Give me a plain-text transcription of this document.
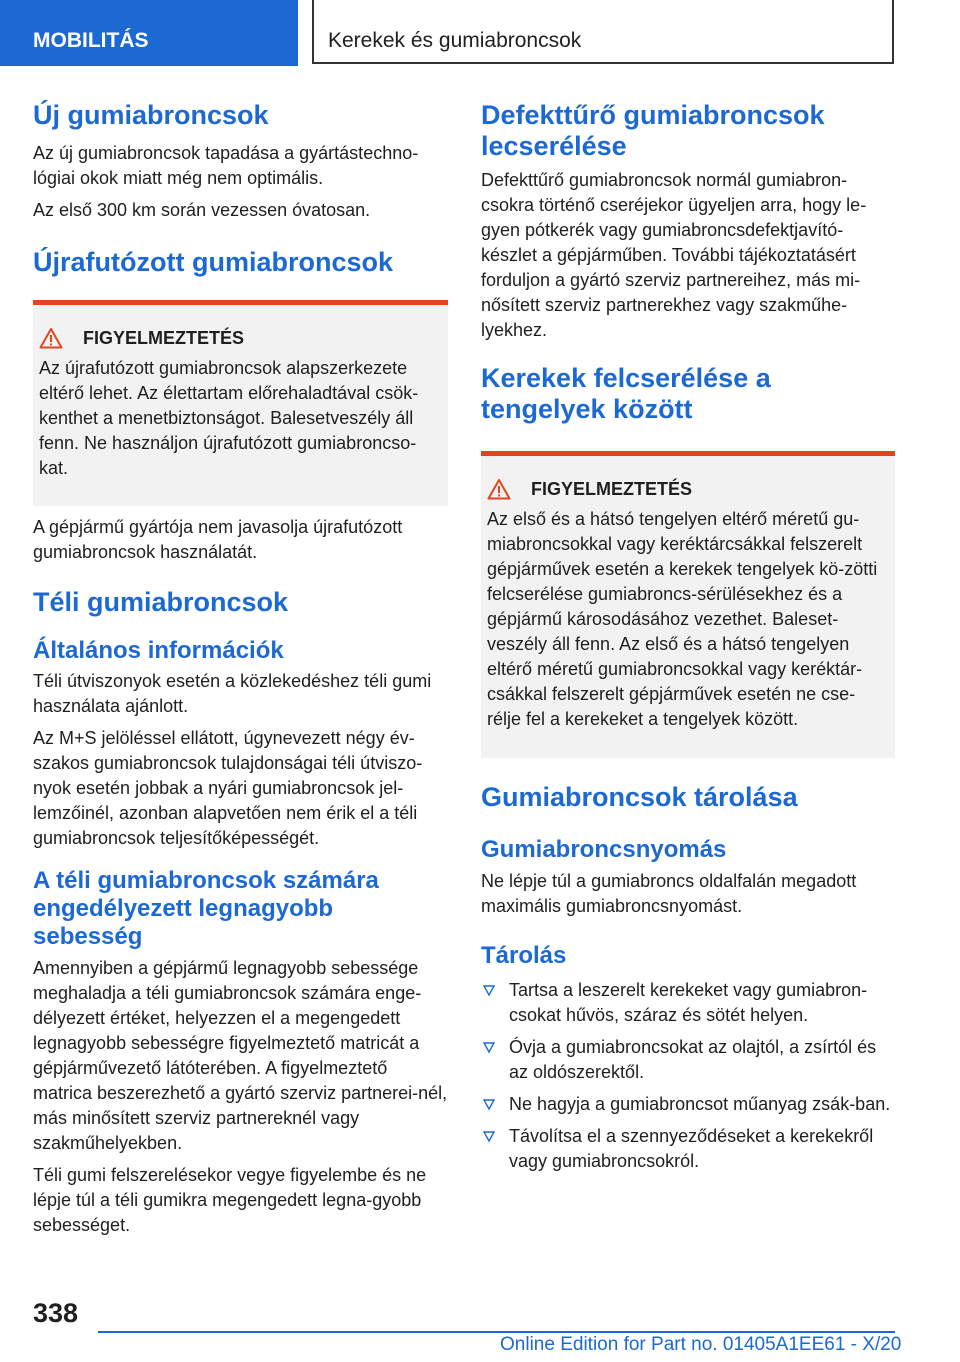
MOBILITÁS	Kerekek és gumiabroncsok
Új gumiabroncsok

Az új gumiabroncsok tapadása a gyártástechno-lógiai okok miatt még nem optimális.

Az első 300 km során vezessen óvatosan.

Újrafutózott gumiabroncsok
FIGYELMEZTETÉS

Az újrafutózott gumiabroncsok alapszerkezete eltérő lehet. Az élettartam előrehaladtával csök-kenthet a menetbiztonságot. Balesetveszély áll fenn. Ne használjon újrafutózott gumiabroncso-kat.

A gépjármű gyártója nem javasolja újrafutózott gumiabroncsok használatát.

Téli gumiabroncsok
Általános információk

Téli útviszonyok esetén a közlekedéshez téli gumi használata ajánlott.

Az M+S jelöléssel ellátott, úgynevezett négy év-szakos gumiabroncsok tulajdonságai téli útviszo-nyok esetén jobbak a nyári gumiabroncsok jel-lemzőinél, azonban alapvetően nem érik el a téli gumiabroncsok teljesítőképességét.

A téli gumiabroncsok számára engedélyezett legnagyobb sebesség

Amennyiben a gépjármű legnagyobb sebessége meghaladja a téli gumiabroncsok számára enge-délyezett értéket, helyezzen el a megengedett legnagyobb sebességre figyelmeztető matricát a gépjárművezető látóterében. A figyelmeztető matrica beszerezhető a gyártó szerviz partnerei-nél, más minősített szerviz partnereknél vagy szakműhelyekben.

Téli gumi felszerelésekor vegye figyelembe és ne lépje túl a téli gumikra megengedett legna-gyobb sebességet.

Defekttűrő gumiabroncsok lecserélése

Defekttűrő gumiabroncsok normál gumiabron-csokra történő cseréjekor ügyeljen arra, hogy le-gyen pótkerék vagy gumiabroncsdefektjavító-készlet a gépjárműben. További tájékoztatásért forduljon a gyártó szerviz partnereihez, más mi-nősített szerviz partnerekhez vagy szakműhe-lyekhez.

Kerekek felcserélése a tengelyek között
FIGYELMEZTETÉS

Az első és a hátsó tengelyen eltérő méretű gu-miabroncsokkal vagy keréktárcsákkal felszerelt gépjárművek esetén a kerekek tengelyek kö-zötti felcserélése gumiabroncs-sérülésekhez és a gépjármű károsodásához vezethet. Baleset-veszély áll fenn. Az első és a hátsó tengelyen eltérő méretű gumiabroncsokkal vagy keréktár-csákkal felszerelt gépjárművek esetén ne cse-rélje fel a kerekeket a tengelyek között.

Gumiabroncsok tárolása
Gumiabroncsnyomás

Ne lépje túl a gumiabroncs oldalfalán megadott maximális gumiabroncsnyomást.

Tárolás
Tartsa a leszerelt kerekeket vagy gumiabron-csokat hűvös, száraz és sötét helyen.
Óvja a gumiabroncsokat az olajtól, a zsírtól és az oldószerektől.
Ne hagyja a gumiabroncsot műanyag zsák-ban.
Távolítsa el a szennyeződéseket a kerekekről vagy gumiabroncsokról.
338
Online Edition for Part no. 01405A1EE61 - X/20
